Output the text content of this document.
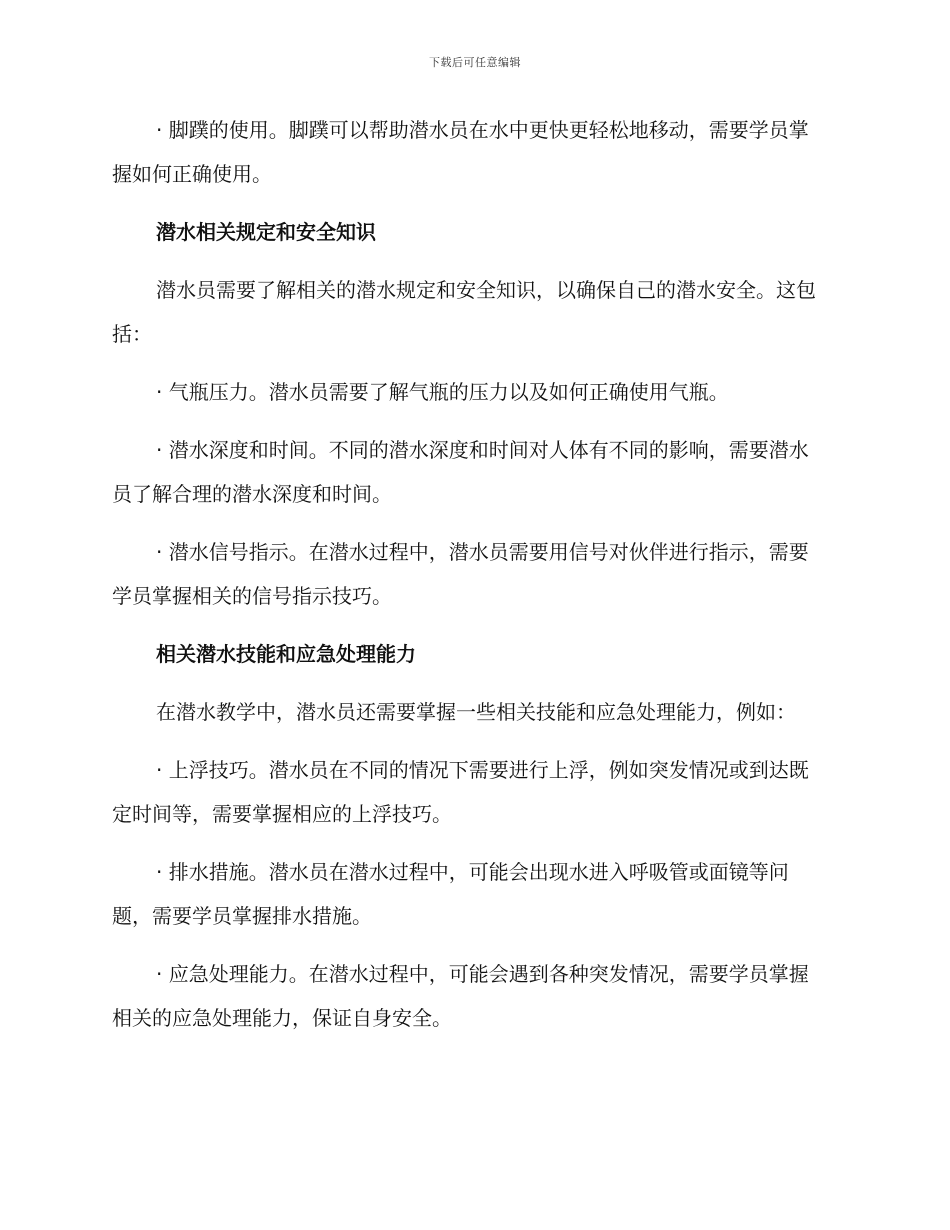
下载后可任意编辑

· 脚蹼的使用。脚蹼可以帮助潜水员在水中更快更轻松地移动，需要学员掌握如何正确使用。

潜水相关规定和安全知识

潜水员需要了解相关的潜水规定和安全知识，以确保自己的潜水安全。这包括：

· 气瓶压力。潜水员需要了解气瓶的压力以及如何正确使用气瓶。

· 潜水深度和时间。不同的潜水深度和时间对人体有不同的影响，需要潜水员了解合理的潜水深度和时间。

· 潜水信号指示。在潜水过程中，潜水员需要用信号对伙伴进行指示，需要学员掌握相关的信号指示技巧。

相关潜水技能和应急处理能力

在潜水教学中，潜水员还需要掌握一些相关技能和应急处理能力，例如：

· 上浮技巧。潜水员在不同的情况下需要进行上浮，例如突发情况或到达既定时间等，需要掌握相应的上浮技巧。

· 排水措施。潜水员在潜水过程中，可能会出现水进入呼吸管或面镜等问题，需要学员掌握排水措施。

· 应急处理能力。在潜水过程中，可能会遇到各种突发情况，需要学员掌握相关的应急处理能力，保证自身安全。
